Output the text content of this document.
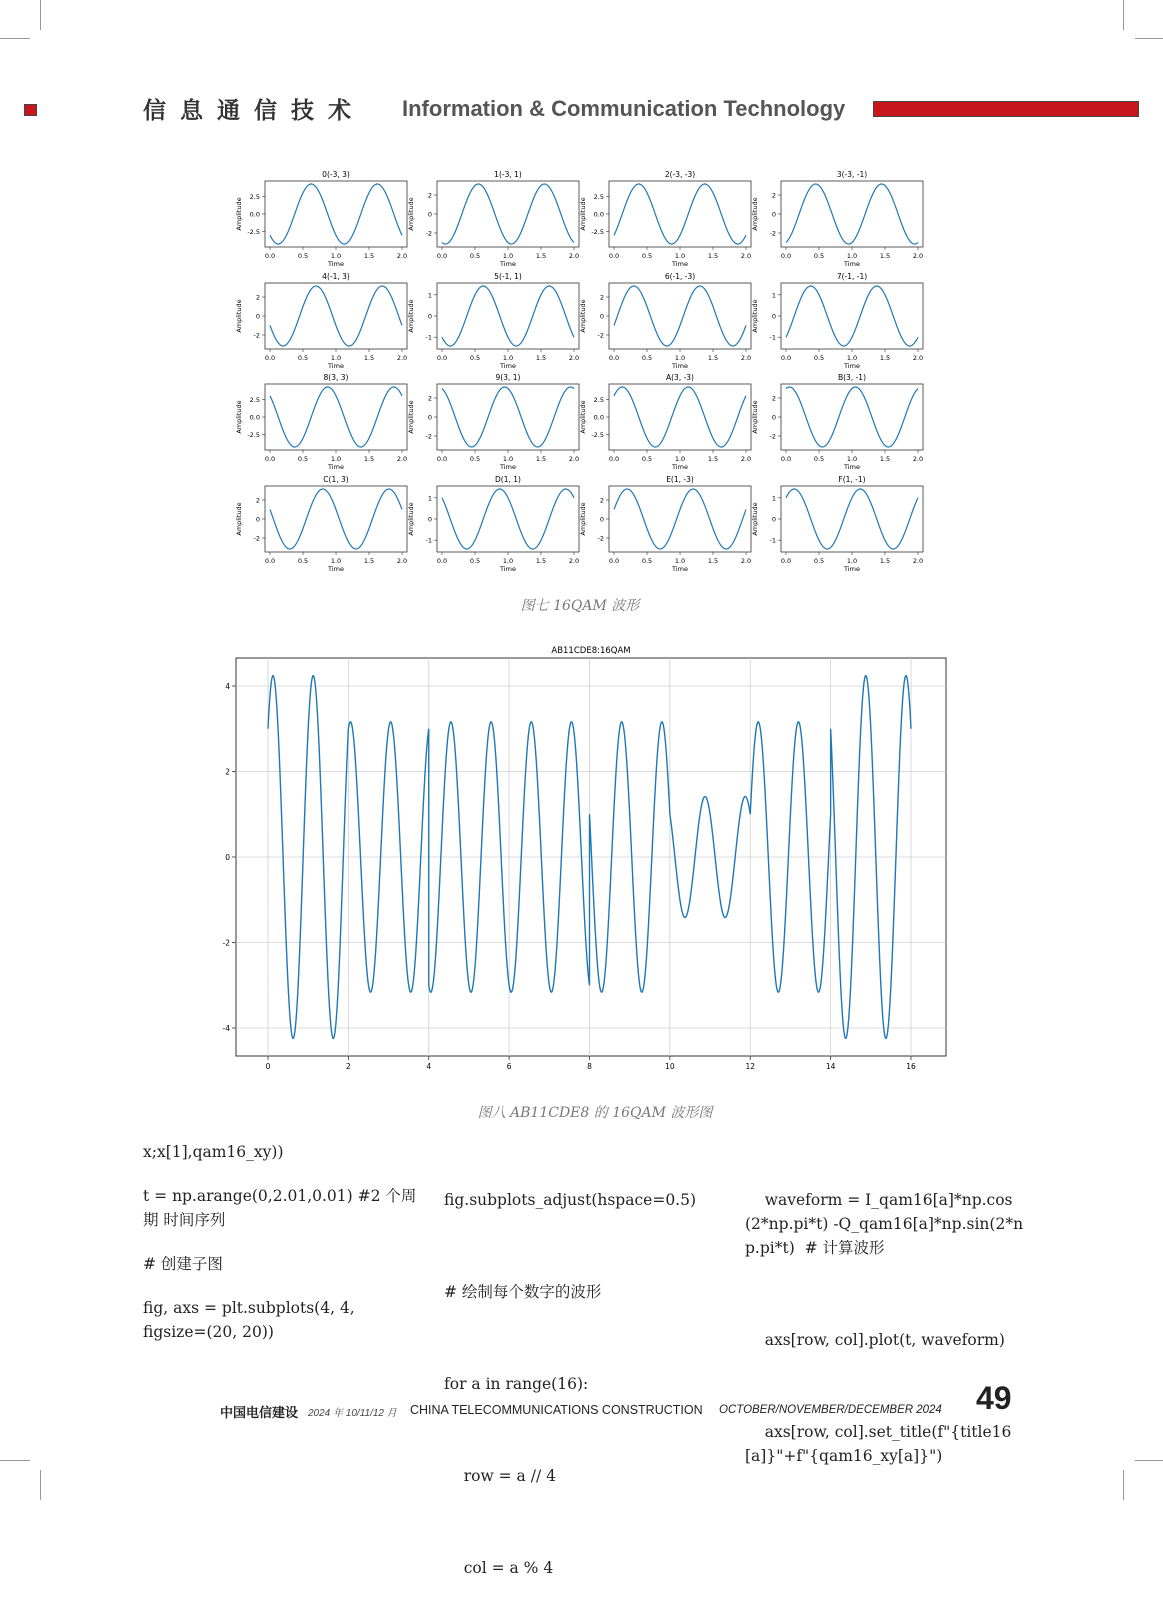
信息通信技术 Information & Communication Technology
0(-3, 3)
2.5
0.0
-2.5
0.0	0.5	1.0	1.5	2.0
Time
Amplitude
1(-3, 1)
2
0
-2
0.0	0.5	1.0	1.5	2.0
Time
Amplitude
2(-3, -3)
2.5
0.0
-2.5
0.0	0.5	1.0	1.5	2.0
Time
Amplitude
3(-3, -1)
2
0
-2
0.0	0.5	1.0	1.5	2.0
Time
Amplitude
4(-1, 3)
2
0
-2
0.0	0.5	1.0	1.5	2.0
Time
Amplitude
5(-1, 1)
1
0
-1
0.0	0.5	1.0	1.5	2.0
Time
Amplitude
6(-1, -3)
2
0
-2
0.0	0.5	1.0	1.5	2.0
Time
Amplitude
7(-1, -1)
1
0
-1
0.0	0.5	1.0	1.5	2.0
Time
Amplitude
8(3, 3)
2.5
0.0
-2.5
0.0	0.5	1.0	1.5	2.0
Time
Amplitude
9(3, 1)
2
0
-2
0.0	0.5	1.0	1.5	2.0
Time
Amplitude
A(3, -3)
2.5
0.0
-2.5
0.0	0.5	1.0	1.5	2.0
Time
Amplitude
B(3, -1)
2
0
-2
0.0	0.5	1.0	1.5	2.0
Time
Amplitude
C(1, 3)
2
0
-2
0.0	0.5	1.0	1.5	2.0
Time
Amplitude
D(1, 1)
1
0
-1
0.0	0.5	1.0	1.5	2.0
Time
Amplitude
E(1, -3)
2
0
-2
0.0	0.5	1.0	1.5	2.0
Time
Amplitude
F(1, -1)
1
0
-1
0.0	0.5	1.0	1.5	2.0
Time
Amplitude
图七 16QAM 波形
AB11CDE8:16QAM
0	2	4	6	8	10	12	14	16
4
2
0
-2
-4
图八 AB11CDE8 的 16QAM 波形图

x;x[1],qam16_xy))

t = np.arange(0,2.01,0.01) #2 个周期 时间序列

# 创建子图

fig, axs = plt.subplots(4, 4, figsize=(20, 20))

fig.subplots_adjust(hspace=0.5)

# 绘制每个数字的波形

for a in range(16):

row = a // 4

col = a % 4

waveform = I_qam16[a]*np.cos(2*np.pi*t) -Q_qam16[a]*np.sin(2*np.pi*t)  # 计算波形

axs[row, col].plot(t, waveform)

axs[row, col].set_title(f"{title16[a]}"+f"{qam16_xy[a]}")

中国电信建设 2024 年 10/11/12 月 CHINA TELECOMMUNICATIONS CONSTRUCTION OCTOBER/NOVEMBER/DECEMBER 2024 49
